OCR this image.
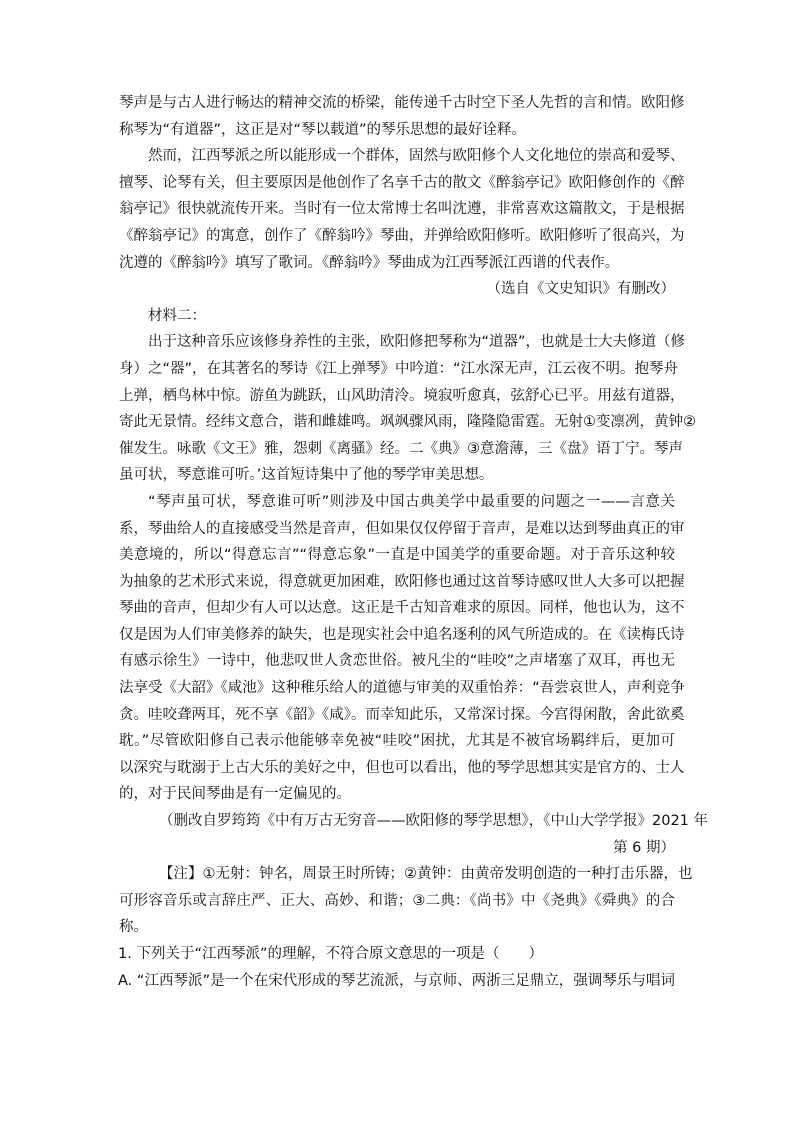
琴声是与古人进行畅达的精神交流的桥梁，能传递千古时空下圣人先哲的言和情。欧阳修
称琴为“有道器”，这正是对“琴以载道”的琴乐思想的最好诠释。
然而，江西琴派之所以能形成一个群体，固然与欧阳修个人文化地位的崇高和爱琴、
擅琴、论琴有关，但主要原因是他创作了名享千古的散文《醉翁亭记》欧阳修创作的《醉
翁亭记》很快就流传开来。当时有一位太常博士名叫沈遵，非常喜欢这篇散文，于是根据
《醉翁亭记》的寓意，创作了《醉翁吟》琴曲，并弹给欧阳修听。欧阳修听了很高兴，为
沈遵的《醉翁吟》填写了歌词。《醉翁吟》琴曲成为江西琴派江西谱的代表作。
（选自《文史知识》有删改）
材料二：
出于这种音乐应该修身养性的主张，欧阳修把琴称为“道器”，也就是士大夫修道（修
身）之“器”，在其著名的琴诗《江上弹琴》中吟道：“江水深无声，江云夜不明。抱琴舟
上弹，栖鸟林中惊。游鱼为跳跃，山风助清泠。境寂听愈真，弦舒心已平。用兹有道器，
寄此无景情。经纬文意合，谐和雌雄鸣。飒飒骤风雨，隆隆隐雷霆。无射①变凛冽，黄钟②
催发生。咏歌《文王》雅，怨刺《离骚》经。二《典》③意澹薄，三《盘》语丁宁。琴声
虽可状，琴意谁可听。’这首短诗集中了他的琴学审美思想。
“琴声虽可状，琴意谁可听”则涉及中国古典美学中最重要的问题之一——言意关
系，琴曲给人的直接感受当然是音声，但如果仅仅停留于音声，是难以达到琴曲真正的审
美意境的，所以“得意忘言”“得意忘象”一直是中国美学的重要命题。对于音乐这种较
为抽象的艺术形式来说，得意就更加困难，欧阳修也通过这首琴诗感叹世人大多可以把握
琴曲的音声，但却少有人可以达意。这正是千古知音难求的原因。同样，他也认为，这不
仅是因为人们审美修养的缺失，也是现实社会中追名逐利的风气所造成的。在《读梅氏诗
有感示徐生》一诗中，他悲叹世人贪恋世俗。被凡尘的“哇咬”之声堵塞了双耳，再也无
法享受《大韶》《咸池》这种稚乐给人的道德与审美的双重怡养：“吾尝哀世人，声利竞争
贪。哇咬聋两耳，死不享《韶》《咸》。而幸知此乐，又常深讨探。今宫得闲散，舍此欲奚
耽。”尽管欧阳修自己表示他能够幸免被“哇咬”困扰，尤其是不被官场羁绊后，更加可
以深究与耽溺于上古大乐的美好之中，但也可以看出，他的琴学思想其实是官方的、士人
的，对于民间琴曲是有一定偏见的。
（删改自罗筠筠《中有万古无穷音——欧阳修的琴学思想》，《中山大学学报》2021 年
第 6 期）
【注】①无射：钟名，周景王时所铸；②黄钟：由黄帝发明创造的一种打击乐器，也
可形容音乐或言辞庄严、正大、高妙、和谐；③二典：《尚书》中《尧典》《舜典》的合
称。
1. 下列关于“江西琴派”的理解，不符合原文意思的一项是（　　）
A. “江西琴派”是一个在宋代形成的琴艺流派，与京师、两浙三足鼎立，强调琴乐与唱词
